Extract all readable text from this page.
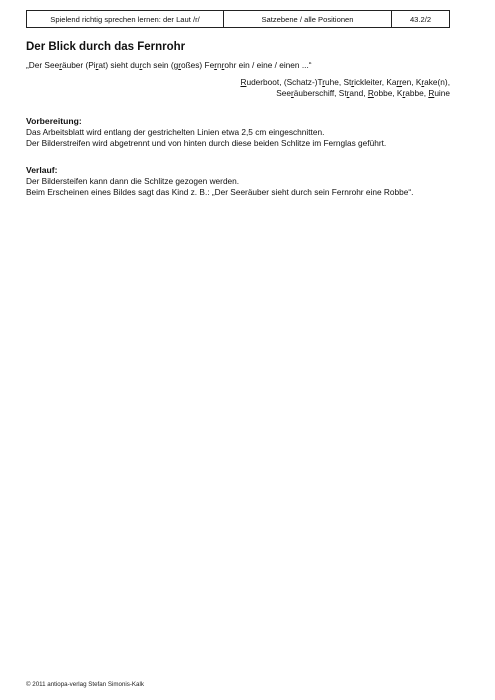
Spielend richtig sprechen lernen: der Laut /r/	Satzebene / alle Positionen	43.2/2
Der Blick durch das Fernrohr
„Der Seeräuber (Pirat) sieht durch sein (großes) Fernrohr ein / eine / einen ...“
Ruderboot, (Schatz-)Truhe, Strickleiter, Karren, Krake(n),
Seeräuberschiff, Strand, Robbe, Krabbe, Ruine
Vorbereitung:
Das Arbeitsblatt wird entlang der gestrichelten Linien etwa 2,5 cm eingeschnitten.
Der Bilderstreifen wird abgetrennt und von hinten durch diese beiden Schlitze im Fernglas geführt.
Verlauf:
Der Bildersteifen kann dann die Schlitze gezogen werden.
Beim Erscheinen eines Bildes sagt das Kind z. B.: „Der Seeräuber sieht durch sein Fernrohr eine Robbe“.
© 2011 antiopa-verlag Stefan Simonis-Kalk
